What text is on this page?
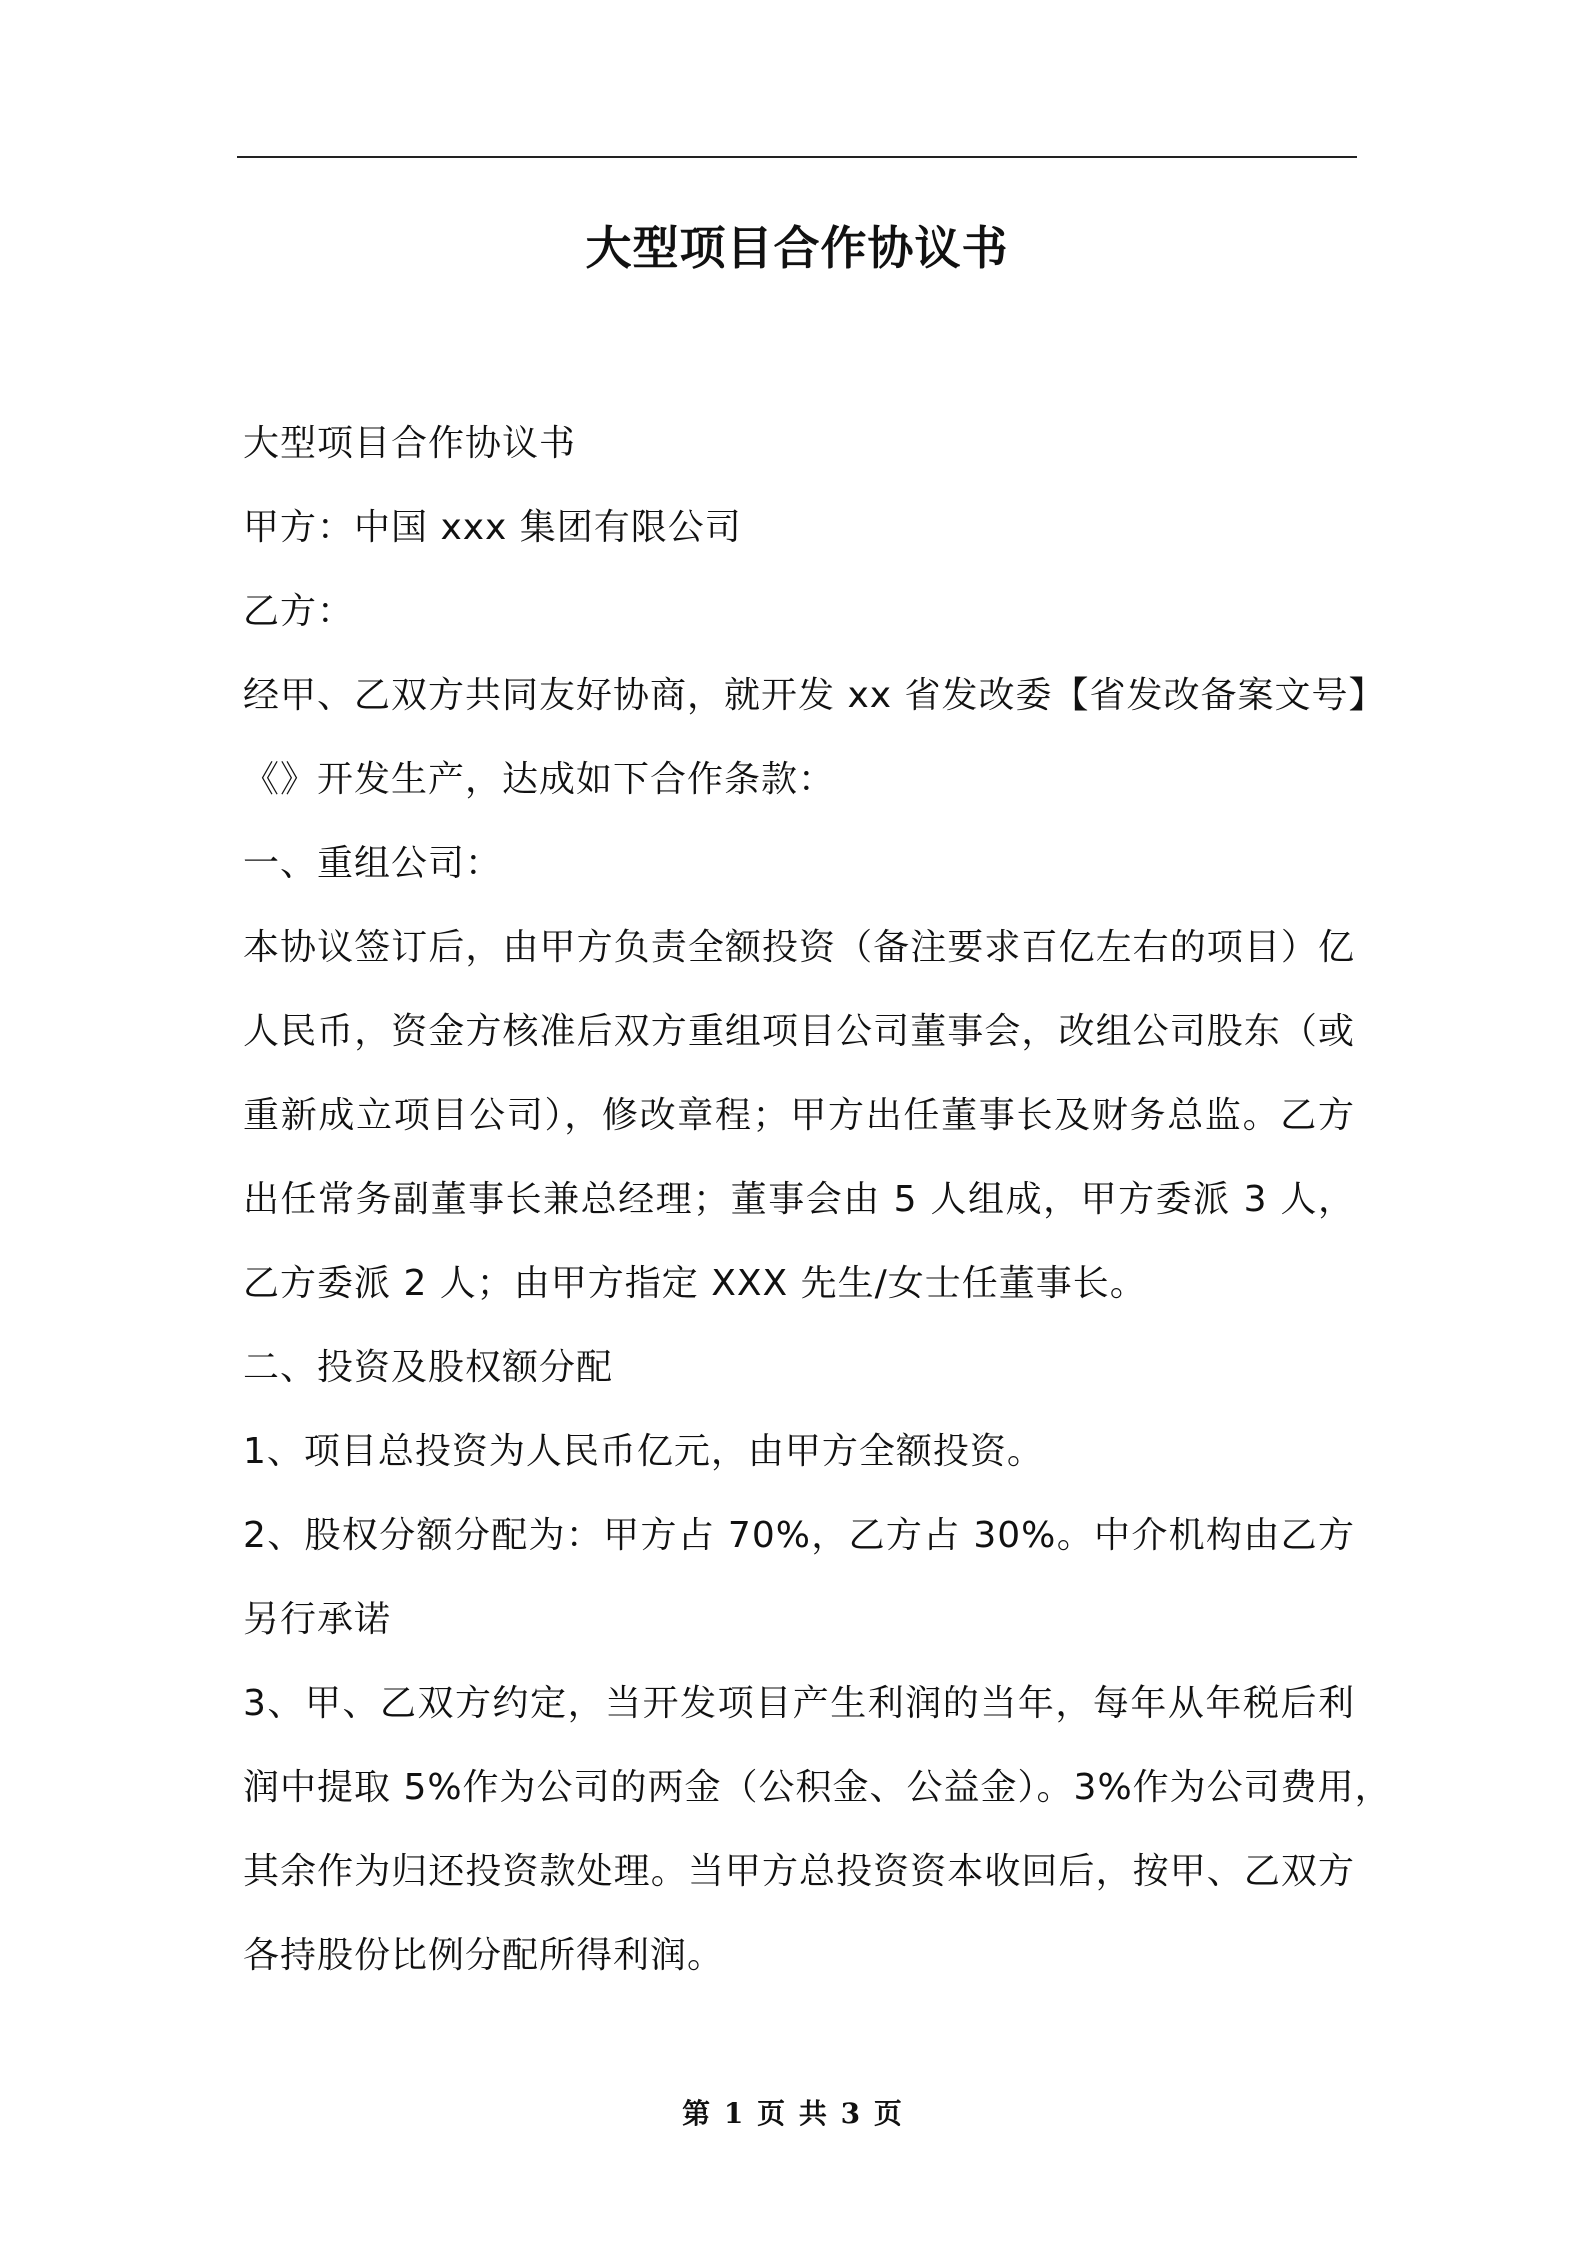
大型项目合作协议书
大型项目合作协议书
甲方：中国 xxx 集团有限公司
乙方：
经甲、乙双方共同友好协商，就开发 xx 省发改委【省发改备案文号】
《》开发生产，达成如下合作条款：
一、重组公司：
本协议签订后，由甲方负责全额投资（备注要求百亿左右的项目）亿
人民币，资金方核准后双方重组项目公司董事会，改组公司股东（或
重新成立项目公司），修改章程；甲方出任董事长及财务总监。乙方
出任常务副董事长兼总经理；董事会由 5 人组成，甲方委派 3 人，
乙方委派 2 人；由甲方指定 XXX 先生/女士任董事长。
二、投资及股权额分配
1、项目总投资为人民币亿元，由甲方全额投资。
2、股权分额分配为：甲方占 70%，乙方占 30%。中介机构由乙方
另行承诺
3、甲、乙双方约定，当开发项目产生利润的当年，每年从年税后利
润中提取 5%作为公司的两金（公积金、公益金）。3%作为公司费用，
其余作为归还投资款处理。当甲方总投资资本收回后，按甲、乙双方
各持股份比例分配所得利润。
第 1 页 共 3 页
